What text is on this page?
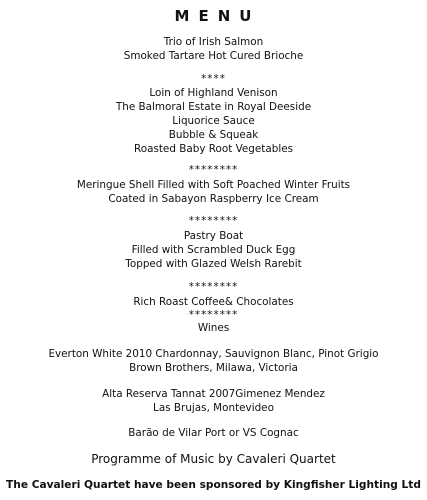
MENU
Trio of Irish Salmon
Smoked Tartare Hot Cured Brioche
****
Loin of Highland Venison
The Balmoral Estate in Royal Deeside
Liquorice Sauce
Bubble & Squeak
Roasted Baby Root Vegetables
********
Meringue Shell Filled with Soft Poached Winter Fruits
Coated in Sabayon Raspberry Ice Cream
********
Pastry Boat
Filled with Scrambled Duck Egg
Topped with Glazed Welsh Rarebit
********
Rich Roast Coffee& Chocolates
********
Wines
Everton White 2010 Chardonnay, Sauvignon Blanc, Pinot Grigio
Brown Brothers, Milawa, Victoria
Alta Reserva Tannat 2007Gimenez Mendez
Las Brujas, Montevideo
Barão de Vilar Port or VS Cognac
Programme of Music by Cavaleri Quartet
The Cavaleri Quartet have been sponsored by Kingfisher Lighting Ltd
